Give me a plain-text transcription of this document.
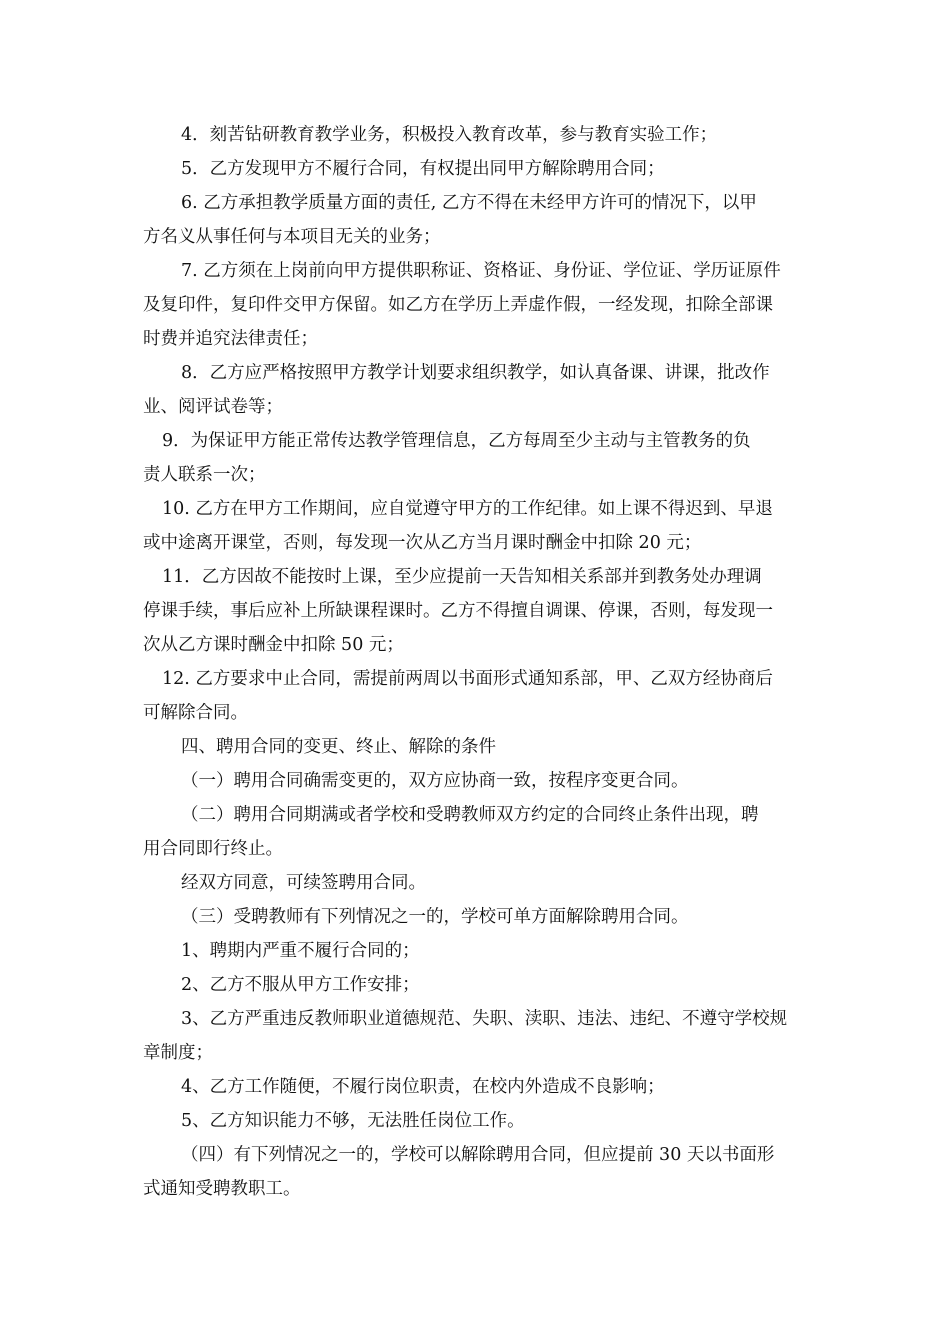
4．刻苦钻研教育教学业务，积极投入教育改革，参与教育实验工作；
5．乙方发现甲方不履行合同，有权提出同甲方解除聘用合同；
6. 乙方承担教学质量方面的责任, 乙方不得在未经甲方许可的情况下，以甲
方名义从事任何与本项目无关的业务；
7. 乙方须在上岗前向甲方提供职称证、资格证、身份证、学位证、学历证原件
及复印件，复印件交甲方保留。如乙方在学历上弄虚作假，一经发现，扣除全部课
时费并追究法律责任；
8．乙方应严格按照甲方教学计划要求组织教学，如认真备课、讲课，批改作
业、阅评试卷等；
9．为保证甲方能正常传达教学管理信息，乙方每周至少主动与主管教务的负
责人联系一次；
10. 乙方在甲方工作期间，应自觉遵守甲方的工作纪律。如上课不得迟到、早退
或中途离开课堂，否则，每发现一次从乙方当月课时酬金中扣除 20 元；
11．乙方因故不能按时上课，至少应提前一天告知相关系部并到教务处办理调
停课手续，事后应补上所缺课程课时。乙方不得擅自调课、停课，否则，每发现一
次从乙方课时酬金中扣除 50 元；
12. 乙方要求中止合同，需提前两周以书面形式通知系部，甲、乙双方经协商后
可解除合同。
四、聘用合同的变更、终止、解除的条件
（一）聘用合同确需变更的，双方应协商一致，按程序变更合同。
（二）聘用合同期满或者学校和受聘教师双方约定的合同终止条件出现，聘
用合同即行终止。
经双方同意，可续签聘用合同。
（三）受聘教师有下列情况之一的，学校可单方面解除聘用合同。
1、聘期内严重不履行合同的；
2、乙方不服从甲方工作安排；
3、乙方严重违反教师职业道德规范、失职、渎职、违法、违纪、不遵守学校规
章制度；
4、乙方工作随便，不履行岗位职责，在校内外造成不良影响；
5、乙方知识能力不够，无法胜任岗位工作。
（四）有下列情况之一的，学校可以解除聘用合同，但应提前 30 天以书面形
式通知受聘教职工。
